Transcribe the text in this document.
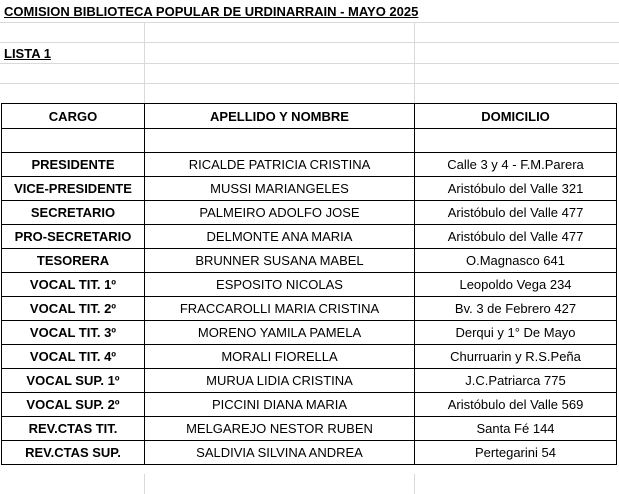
COMISION BIBLIOTECA POPULAR DE URDINARRAIN - MAYO 2025
LISTA 1
CARGO	APELLIDO Y NOMBRE	DOMICILIO

PRESIDENTE	RICALDE PATRICIA CRISTINA	Calle 3 y 4 - F.M.Parera
VICE-PRESIDENTE	MUSSI MARIANGELES	Aristóbulo del Valle 321
SECRETARIO	PALMEIRO ADOLFO JOSE	Aristóbulo del Valle 477
PRO-SECRETARIO	DELMONTE ANA MARIA	Aristóbulo del Valle 477
TESORERA	BRUNNER SUSANA MABEL	O.Magnasco 641
VOCAL TIT. 1º	ESPOSITO NICOLAS	Leopoldo Vega 234
VOCAL TIT. 2º	FRACCAROLLI MARIA CRISTINA	Bv. 3 de Febrero 427
VOCAL TIT. 3º	MORENO YAMILA PAMELA	Derqui y 1° De Mayo
VOCAL TIT. 4º	MORALI FIORELLA	Churruarin y R.S.Peña
VOCAL SUP. 1º	MURUA LIDIA CRISTINA	J.C.Patriarca 775
VOCAL SUP. 2º	PICCINI DIANA MARIA	Aristóbulo del Valle 569
REV.CTAS TIT.	MELGAREJO NESTOR RUBEN	Santa Fé 144
REV.CTAS SUP.	SALDIVIA SILVINA ANDREA	Pertegarini 54
